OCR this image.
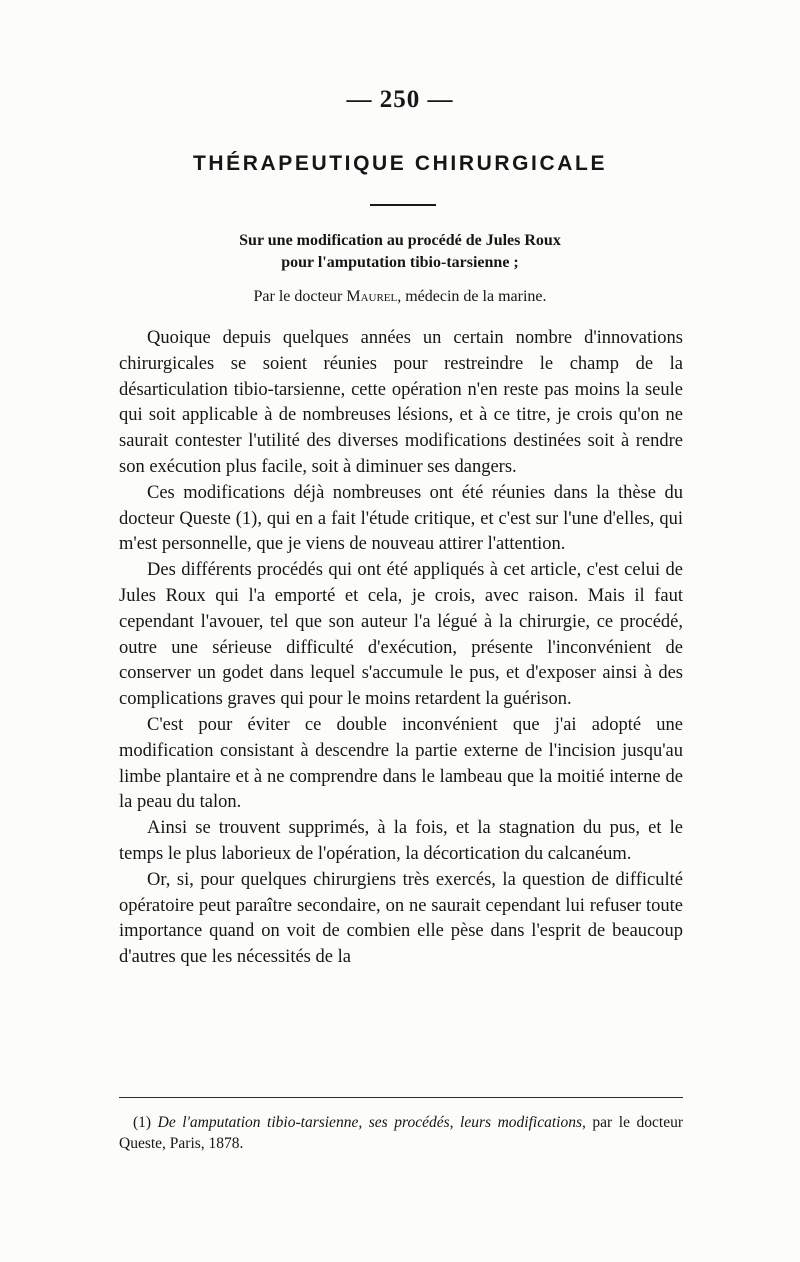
— 250 —
THÉRAPEUTIQUE CHIRURGICALE
Sur une modification au procédé de Jules Roux
pour l'amputation tibio-tarsienne ;
Par le docteur Maurel, médecin de la marine.

Quoique depuis quelques années un certain nombre d'innovations chirurgicales se soient réunies pour restreindre le champ de la désarticulation tibio-tarsienne, cette opération n'en reste pas moins la seule qui soit applicable à de nombreuses lésions, et à ce titre, je crois qu'on ne saurait contester l'utilité des diverses modifications destinées soit à rendre son exécution plus facile, soit à diminuer ses dangers.

Ces modifications déjà nombreuses ont été réunies dans la thèse du docteur Queste (1), qui en a fait l'étude critique, et c'est sur l'une d'elles, qui m'est personnelle, que je viens de nouveau attirer l'attention.

Des différents procédés qui ont été appliqués à cet article, c'est celui de Jules Roux qui l'a emporté et cela, je crois, avec raison. Mais il faut cependant l'avouer, tel que son auteur l'a légué à la chirurgie, ce procédé, outre une sérieuse difficulté d'exécution, présente l'inconvénient de conserver un godet dans lequel s'accumule le pus, et d'exposer ainsi à des complications graves qui pour le moins retardent la guérison.

C'est pour éviter ce double inconvénient que j'ai adopté une modification consistant à descendre la partie externe de l'incision jusqu'au limbe plantaire et à ne comprendre dans le lambeau que la moitié interne de la peau du talon.

Ainsi se trouvent supprimés, à la fois, et la stagnation du pus, et le temps le plus laborieux de l'opération, la décortication du calcanéum.

Or, si, pour quelques chirurgiens très exercés, la question de difficulté opératoire peut paraître secondaire, on ne saurait cependant lui refuser toute importance quand on voit de combien elle pèse dans l'esprit de beaucoup d'autres que les nécessités de la

(1) De l'amputation tibio-tarsienne, ses procédés, leurs modifications, par le docteur Queste, Paris, 1878.
